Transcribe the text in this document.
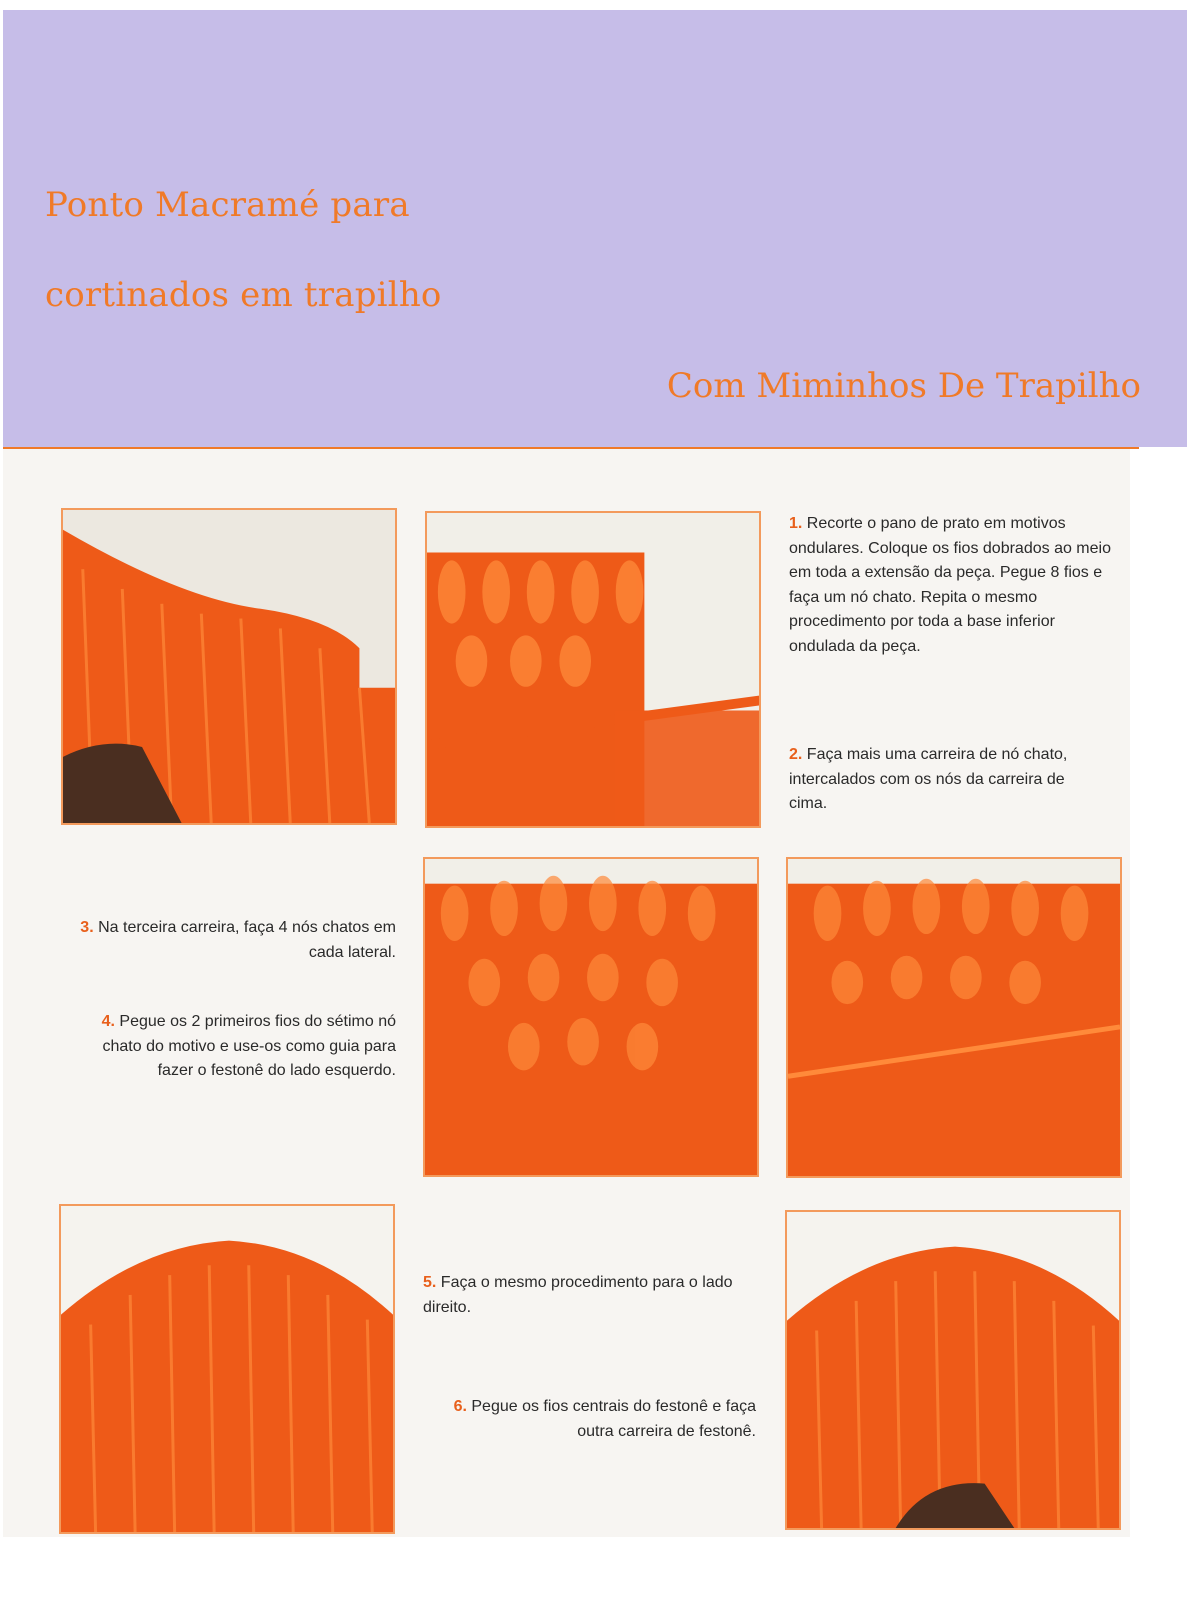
Ponto Macramé para
cortinados em trapilho
Com Miminhos De Trapilho
1. Recorte o pano de prato em motivos ondulares. Coloque os fios dobrados ao meio em toda a extensão da peça. Pegue 8 fios e faça um nó chato. Repita o mesmo procedimento por toda a base inferior ondulada da peça.
2. Faça mais uma carreira de nó chato, intercalados com os nós da carreira de cima.
3. Na terceira carreira, faça 4 nós chatos em cada lateral.
4. Pegue os 2 primeiros fios do sétimo nó chato do motivo e use-os como guia para fazer o festonê do lado esquerdo.
5. Faça o mesmo procedimento para o lado direito.
6. Pegue os fios centrais do festonê e faça outra carreira de festonê.
